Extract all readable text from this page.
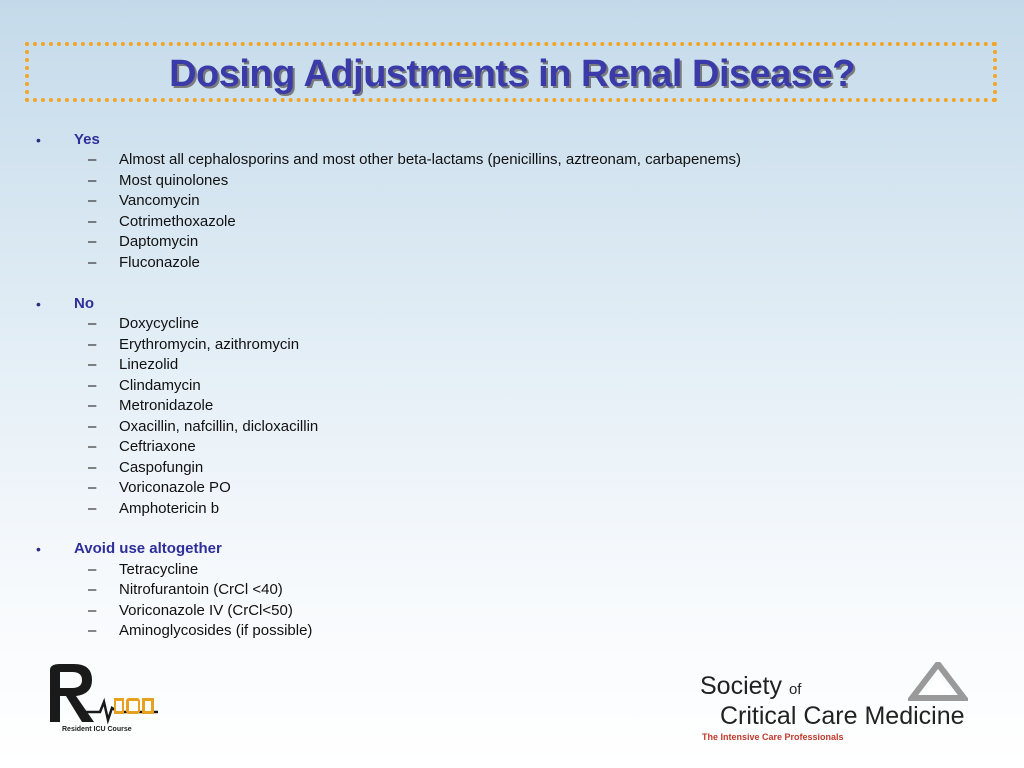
Dosing Adjustments in Renal Disease?
• Yes
– Almost all cephalosporins and most other beta-lactams (penicillins, aztreonam, carbapenems)
– Most quinolones
– Vancomycin
– Cotrimethoxazole
– Daptomycin
– Fluconazole
• No
– Doxycycline
– Erythromycin, azithromycin
– Linezolid
– Clindamycin
– Metronidazole
– Oxacillin, nafcillin, dicloxacillin
– Ceftriaxone
– Caspofungin
– Voriconazole PO
– Amphotericin b
• Avoid use altogether
– Tetracycline
– Nitrofurantoin (CrCl <40)
– Voriconazole IV (CrCl<50)
– Aminoglycosides (if possible)
Resident ICU Course
Society of
Critical Care Medicine
The Intensive Care Professionals
